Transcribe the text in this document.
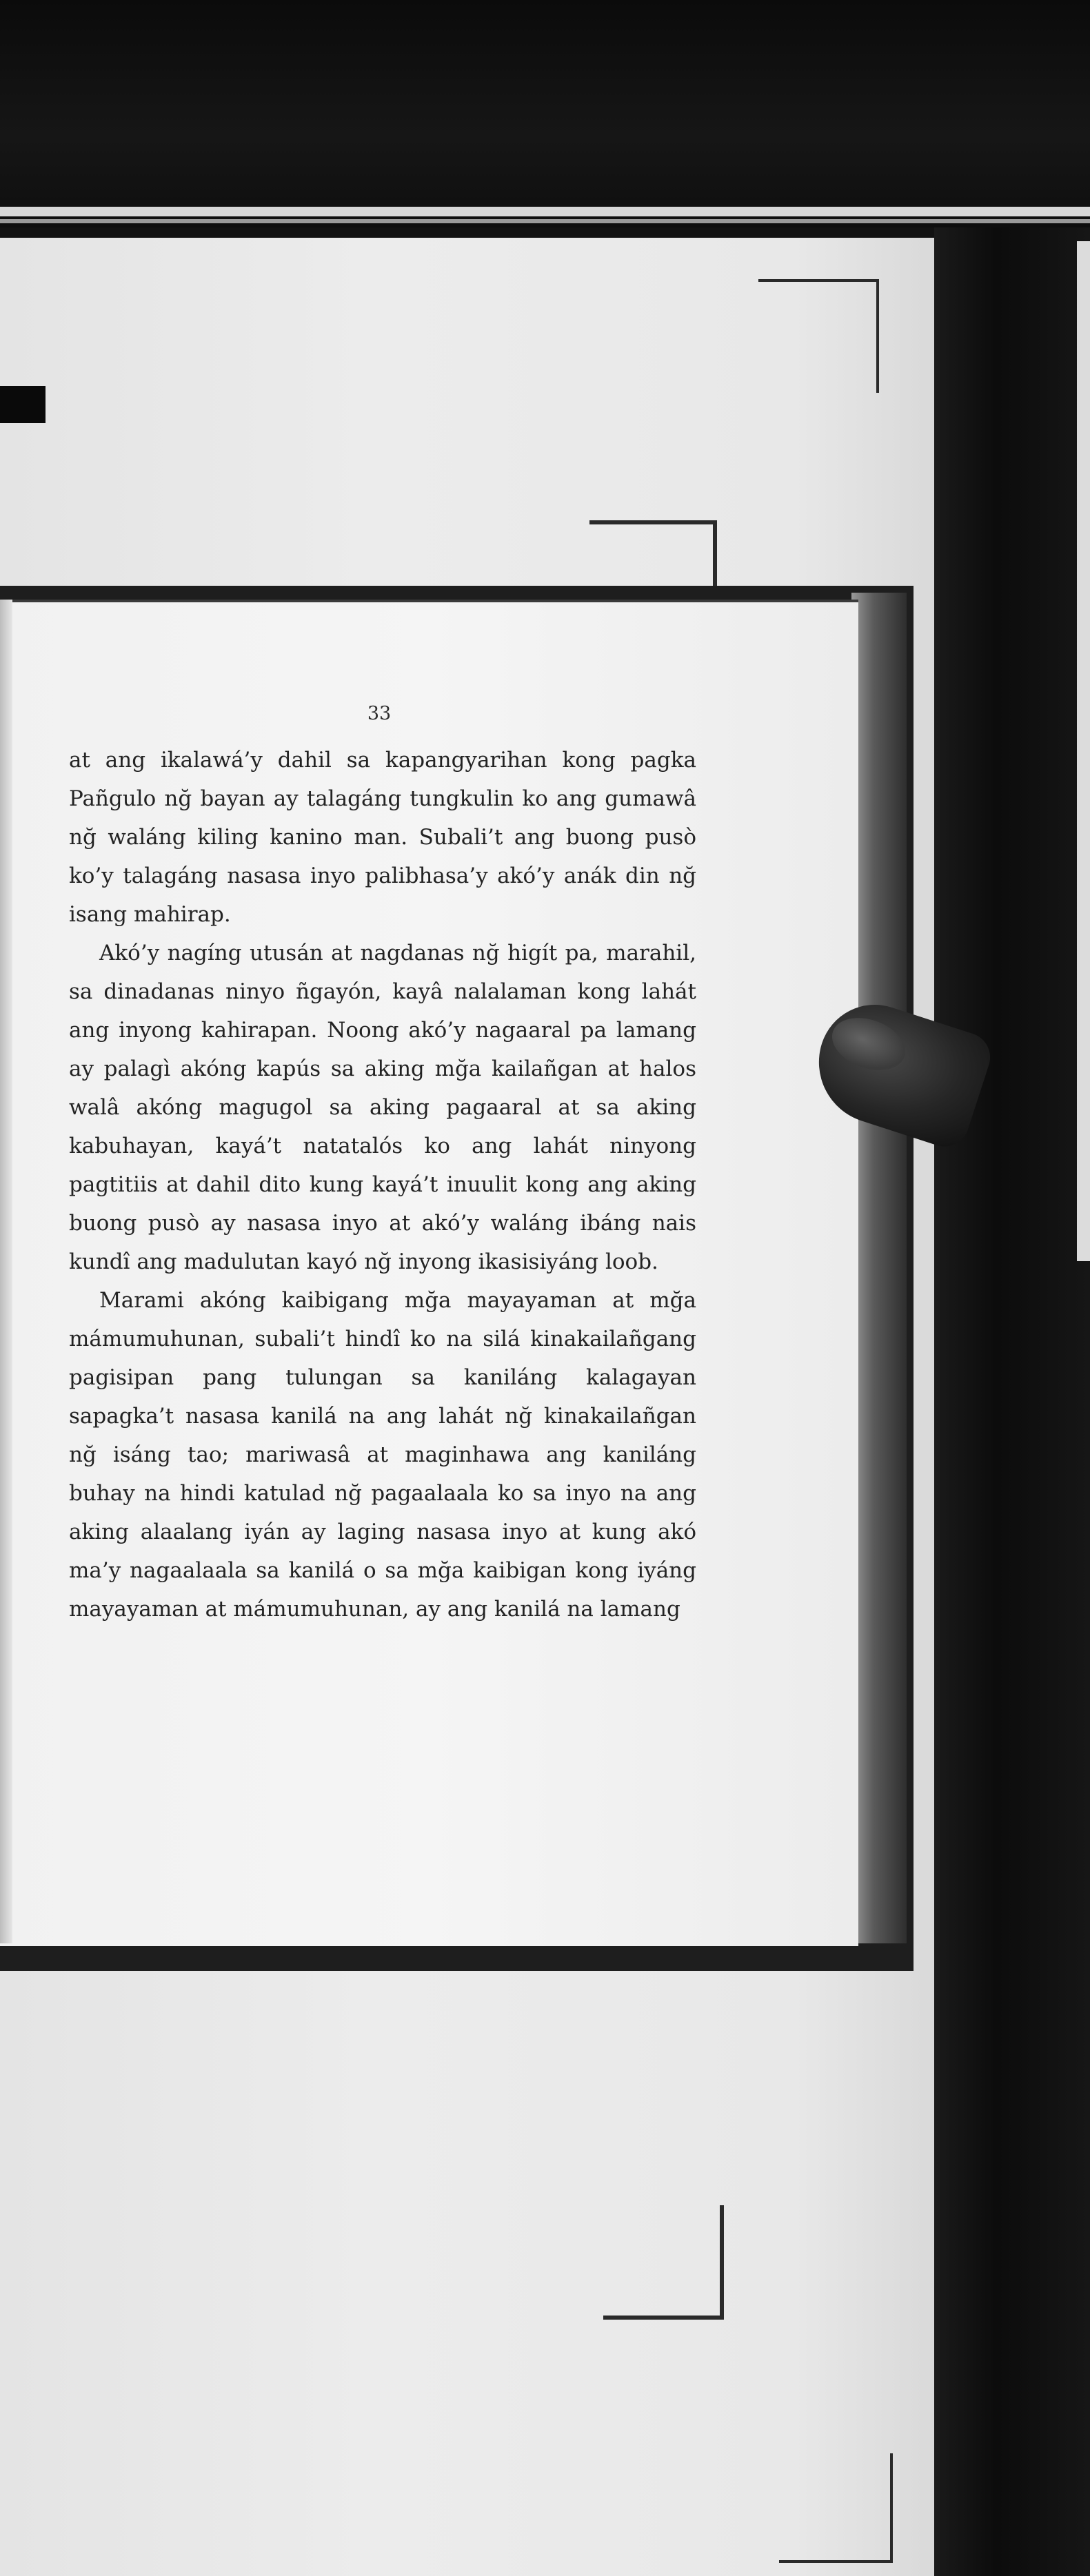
33

at ang ikalawá’y dahil sa kapangyarihan kong pagka Pañgulo nğ bayan ay talagáng tungkulin ko ang gumawâ nğ waláng kiling kanino man. Subali’t ang buong pusò ko’y talagáng nasasa inyo palibhasa’y akó’y anák din nğ isang mahirap.

Akó’y nagíng utusán at nagdanas nğ higít pa, marahil, sa dinadanas ninyo ñgayón, kayâ nalalaman kong lahát ang inyong kahirapan. Noong akó’y nagaaral pa lamang ay palagì akóng kapús sa aking mğa kailañgan at halos walâ akóng magugol sa aking pagaaral at sa aking kabuhayan, kayá’t natatalós ko ang lahát ninyong pagtitiis at dahil dito kung kayá’t inuulit kong ang aking buong pusò ay nasasa inyo at akó’y waláng ibáng nais kundî ang madulutan kayó nğ inyong ikasisiyáng loob.

Marami akóng kaibigang mğa mayayaman at mğa mámumuhunan, subali’t hindî ko na silá kinakailañgang pagisipan pang tulungan sa kaniláng kalagayan sapagka’t nasasa kanilá na ang lahát nğ kinakailañgan nğ isáng tao; mariwasâ at maginhawa ang kaniláng buhay na hindi katulad nğ pagaalaala ko sa inyo na ang aking alaalang iyán ay laging nasasa inyo at kung akó ma’y nagaalaala sa kanilá o sa mğa kaibigan kong iyáng mayayaman at mámumuhunan, ay ang kanilá na lamang
